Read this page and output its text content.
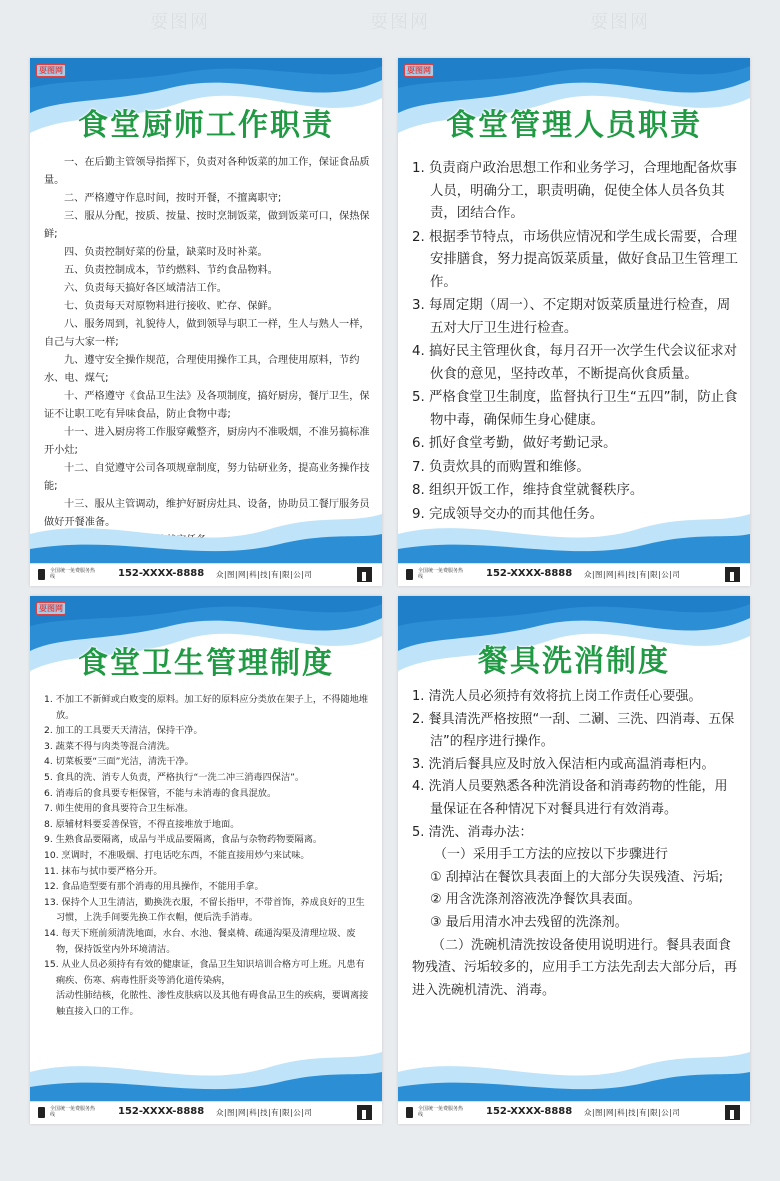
耍图网	耍图网	耍图网
耍图网
食堂厨师工作职责

一、在后勤主管领导指挥下，负责对各种饭菜的加工作，保证食品质量。

二、严格遵守作息时间，按时开餐，不擅离职守;

三、服从分配，按质、按量、按时烹制饭菜，做到饭菜可口，保热保鲜;

四、负责控制好菜的份量，缺菜时及时补菜。

五、负责控制成本，节约燃料、节约食品物料。

六、负责每天搞好各区域清洁工作。

七、负责每天对原物料进行接收、贮存、保鲜。

八、服务周到，礼貌待人，做到领导与职工一样，生人与熟人一样，自己与大家一样;

九、遵守安全操作规范，合理使用操作工具，合理使用原料，节约水、电、煤气;

十、严格遵守《食品卫生法》及各项制度，搞好厨房，餐厅卫生，保证不让职工吃有异味食品，防止食物中毒;

十一、进入厨房将工作服穿戴整齐，厨房内不准吸烟，不准另搞标准开小灶;

十二、自觉遵守公司各项规章制度，努力钻研业务，提高业务操作技能;

十三、服从主管调动，维护好厨房灶具、设备，协助员工餐厅服务员做好开餐准备。

全国统一免费服务热线	152-XXXX-8888 众|图|网|科|技|有|限|公|司
耍图网
食堂管理人员职责

1. 负责商户政治思想工作和业务学习，合理地配备炊事人员，明确分工，职责明确，促使全体人员各负其责，团结合作。

2. 根据季节特点，市场供应情况和学生成长需要，合理安排膳食，努力提高饭菜质量，做好食品卫生管理工作。

3. 每周定期（周一）、不定期对饭菜质量进行检查，周五对大厅卫生进行检查。

4. 搞好民主管理伙食，每月召开一次学生代会议征求对伙食的意见，坚持改革，不断提高伙食质量。

5. 严格食堂卫生制度，监督执行卫生“五四”制，防止食物中毒，确保师生身心健康。

6. 抓好食堂考勤，做好考勤记录。

7. 负责炊具的而购置和维修。

8. 组织开饭工作，维持食堂就餐秩序。

9. 完成领导交办的而其他任务。

全国统一免费服务热线	152-XXXX-8888 众|图|网|科|技|有|限|公|司
耍图网
食堂卫生管理制度

1. 不加工不新鲜或白败变的原料。加工好的原料应分类放在架子上，不得随地堆放。

2. 加工的工具要天天清洁，保持干净。

3. 蔬菜不得与肉类等混合清洗。

4. 切菜板要“三面”光洁，清洗干净。

5. 食具的洗、消专人负责，严格执行“一洗二冲三消毒四保洁”。

6. 消毒后的食具要专柜保管，不能与未消毒的食具混放。

7. 师生使用的食具要符合卫生标准。

8. 原辅材料要妥善保管，不得直接堆放于地面。

9. 生熟食品要隔离，成品与半成品要隔离，食品与杂物药物要隔离。

10. 烹调时，不准吸烟、打电话吃东西，不能直接用炒勺来试味。

11. 抹布与拭巾要严格分开。

12. 食品造型要有那个消毒的用具操作，不能用手拿。

13. 保持个人卫生清洁，勤换洗衣服，不留长指甲，不带首饰，养成良好的卫生习惯，上洗手间要先换工作衣帽，便后洗手消毒。

14. 每天下班前须清洗地面，水台、水池、餐桌椅、疏通沟渠及清理垃圾、废物，保持饭堂内外环境清洁。

15. 从业人员必须持有有效的健康证，食品卫生知识培训合格方可上班。凡患有痢疾、伤寒、病毒性肝炎等消化道传染病，

活动性肺结核，化脓性、渗性皮肤病以及其他有碍食品卫生的疾病，要调离接触直接入口的工作。

全国统一免费服务热线	152-XXXX-8888 众|图|网|科|技|有|限|公|司
餐具洗消制度

1. 清洗人员必须持有效将抗上岗工作责任心要强。

2. 餐具清洗严格按照“一刮、二涮、三洗、四消毒、五保洁”的程序进行操作。

3. 洗消后餐具应及时放入保洁柜内或高温消毒柜内。

4. 洗消人员要熟悉各种洗消设备和消毒药物的性能，用量保证在各种情况下对餐具进行有效消毒。

5. 清洗、消毒办法：

（一）采用手工方法的应按以下步骤进行

① 刮掉沾在餐饮具表面上的大部分失误残渣、污垢;

② 用含洗涤剂溶液洗净餐饮具表面。

③ 最后用清水冲去残留的洗涤剂。

（二）洗碗机清洗按设备使用说明进行。餐具表面食物残渣、污垢较多的，应用手工方法先刮去大部分后，再进入洗碗机清洗、消毒。

全国统一免费服务热线	152-XXXX-8888 众|图|网|科|技|有|限|公|司
